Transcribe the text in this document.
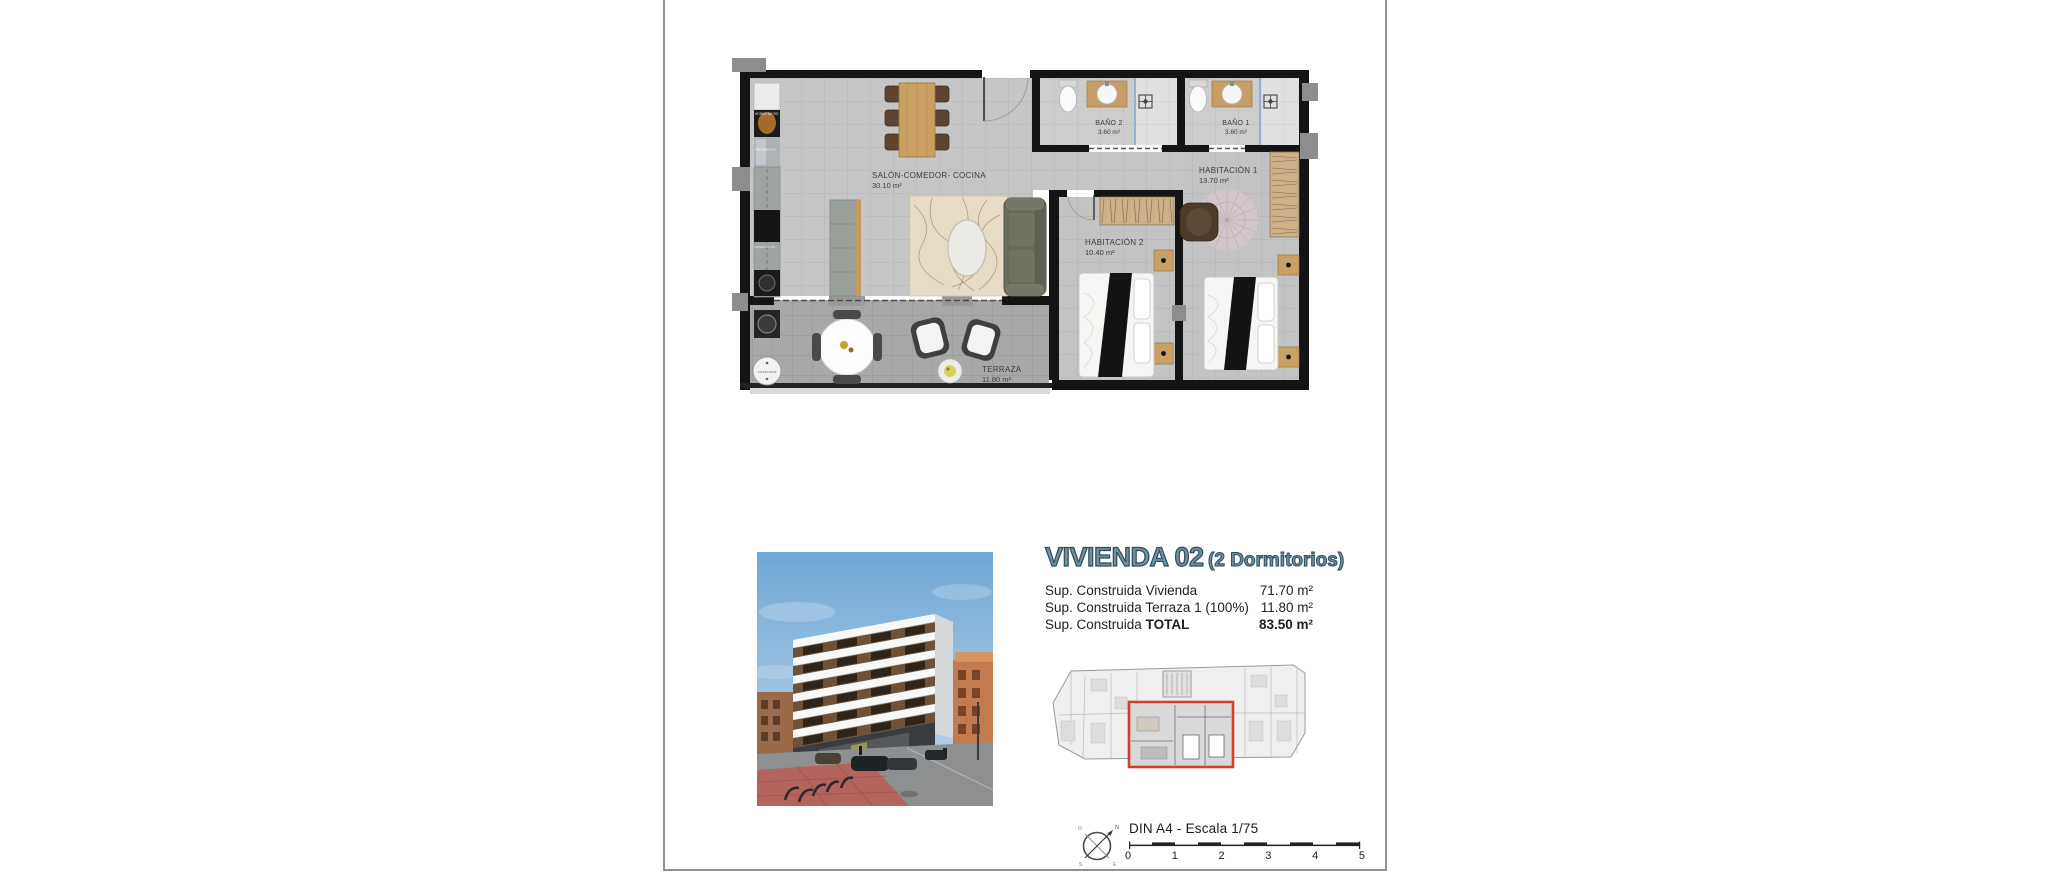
HORNO MICRO
FRIGORIFICO
LAVAVAJILLAS
CALENTADOR
SALÓN-COMEDOR- COCINA
30.10 m²
BAÑO 2
3.60 m²
BAÑO 1
3.60 m²
HABITACIÓN 1
13.70 m²
HABITACIÓN 2
10.40 m²
TERRAZA
11.80 m²
VIVIENDA 02 (2 Dormitorios)
Sup. Construida Vivienda	71.70 m²
Sup. Construida Terraza 1 (100%) 11.80 m²
Sup. Construida TOTAL	83.50 m²
N
O
S	E
DIN A4 - Escala 1/75
0	1	2	3	4	5
